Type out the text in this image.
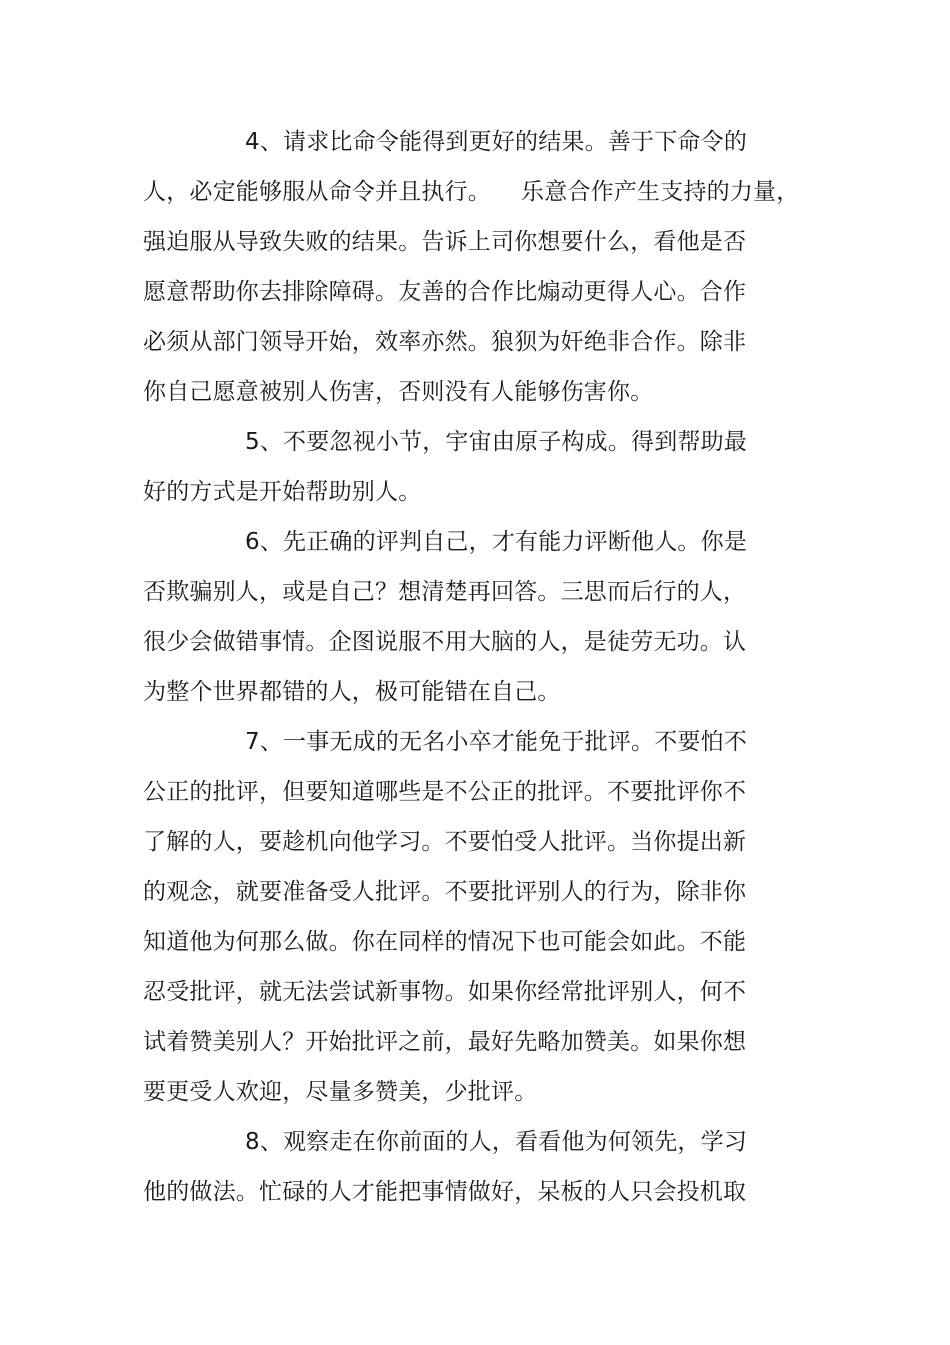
4、请求比命令能得到更好的结果。善于下命令的
人，必定能够服从命令并且执行。    乐意合作产生支持的力量，
强迫服从导致失败的结果。告诉上司你想要什么，看他是否
愿意帮助你去排除障碍。友善的合作比煽动更得人心。合作
必须从部门领导开始，效率亦然。狼狈为奸绝非合作。除非
你自己愿意被别人伤害，否则没有人能够伤害你。
5、不要忽视小节，宇宙由原子构成。得到帮助最
好的方式是开始帮助别人。
6、先正确的评判自己，才有能力评断他人。你是
否欺骗别人，或是自己？想清楚再回答。三思而后行的人，
很少会做错事情。企图说服不用大脑的人，是徒劳无功。认
为整个世界都错的人，极可能错在自己。
7、一事无成的无名小卒才能免于批评。不要怕不
公正的批评，但要知道哪些是不公正的批评。不要批评你不
了解的人，要趁机向他学习。不要怕受人批评。当你提出新
的观念，就要准备受人批评。不要批评别人的行为，除非你
知道他为何那么做。你在同样的情况下也可能会如此。不能
忍受批评，就无法尝试新事物。如果你经常批评别人，何不
试着赞美别人？开始批评之前，最好先略加赞美。如果你想
要更受人欢迎，尽量多赞美，少批评。
8、观察走在你前面的人，看看他为何领先，学习
他的做法。忙碌的人才能把事情做好，呆板的人只会投机取
